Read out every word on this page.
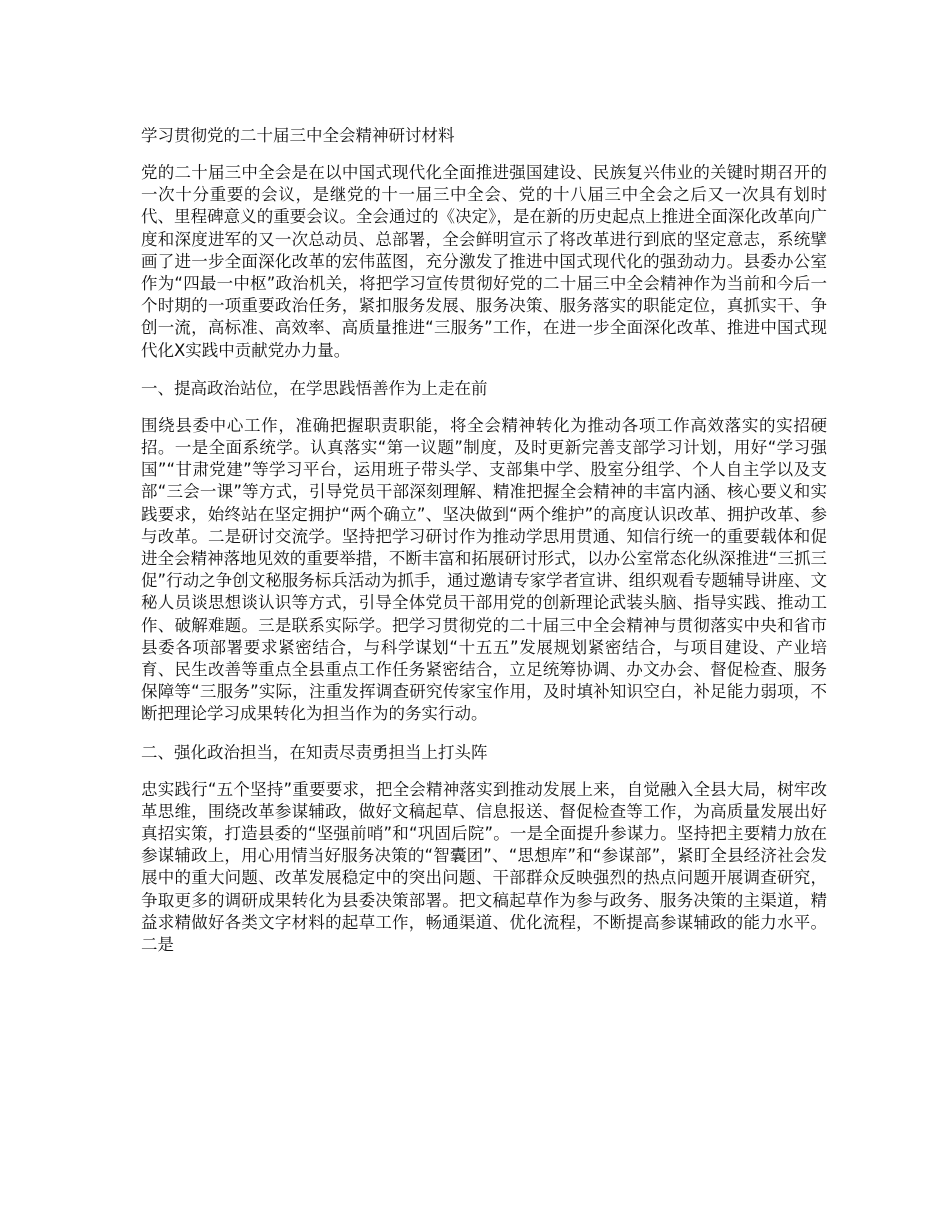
学习贯彻党的二十届三中全会精神研讨材料
党的二十届三中全会是在以中国式现代化全面推进强国建设、民族复兴伟业的关键时期召开的一次十分重要的会议，是继党的十一届三中全会、党的十八届三中全会之后又一次具有划时代、里程碑意义的重要会议。全会通过的《决定》，是在新的历史起点上推进全面深化改革向广度和深度进军的又一次总动员、总部署，全会鲜明宣示了将改革进行到底的坚定意志，系统擘画了进一步全面深化改革的宏伟蓝图，充分激发了推进中国式现代化的强劲动力。县委办公室作为“四最一中枢”政治机关，将把学习宣传贯彻好党的二十届三中全会精神作为当前和今后一个时期的一项重要政治任务，紧扣服务发展、服务决策、服务落实的职能定位，真抓实干、争创一流，高标准、高效率、高质量推进“三服务”工作，在进一步全面深化改革、推进中国式现代化X实践中贡献党办力量。
一、提高政治站位，在学思践悟善作为上走在前
围绕县委中心工作，准确把握职责职能，将全会精神转化为推动各项工作高效落实的实招硬招。一是全面系统学。认真落实“第一议题”制度，及时更新完善支部学习计划，用好“学习强国”“甘肃党建”等学习平台，运用班子带头学、支部集中学、股室分组学、个人自主学以及支部“三会一课”等方式，引导党员干部深刻理解、精准把握全会精神的丰富内涵、核心要义和实践要求，始终站在坚定拥护“两个确立”、坚决做到“两个维护”的高度认识改革、拥护改革、参与改革。二是研讨交流学。坚持把学习研讨作为推动学思用贯通、知信行统一的重要载体和促进全会精神落地见效的重要举措，不断丰富和拓展研讨形式，以办公室常态化纵深推进“三抓三促”行动之争创文秘服务标兵活动为抓手，通过邀请专家学者宣讲、组织观看专题辅导讲座、文秘人员谈思想谈认识等方式，引导全体党员干部用党的创新理论武装头脑、指导实践、推动工作、破解难题。三是联系实际学。把学习贯彻党的二十届三中全会精神与贯彻落实中央和省市县委各项部署要求紧密结合，与科学谋划“十五五”发展规划紧密结合，与项目建设、产业培育、民生改善等重点全县重点工作任务紧密结合，立足统筹协调、办文办会、督促检查、服务保障等“三服务”实际，注重发挥调查研究传家宝作用，及时填补知识空白，补足能力弱项，不断把理论学习成果转化为担当作为的务实行动。
二、强化政治担当，在知责尽责勇担当上打头阵
忠实践行“五个坚持”重要要求，把全会精神落实到推动发展上来，自觉融入全县大局，树牢改革思维，围绕改革参谋辅政，做好文稿起草、信息报送、督促检查等工作，为高质量发展出好真招实策，打造县委的“坚强前哨”和“巩固后院”。一是全面提升参谋力。坚持把主要精力放在参谋辅政上，用心用情当好服务决策的“智囊团”、“思想库”和“参谋部”，紧盯全县经济社会发展中的重大问题、改革发展稳定中的突出问题、干部群众反映强烈的热点问题开展调查研究，争取更多的调研成果转化为县委决策部署。把文稿起草作为参与政务、服务决策的主渠道，精益求精做好各类文字材料的起草工作，畅通渠道、优化流程，不断提高参谋辅政的能力水平。二是
